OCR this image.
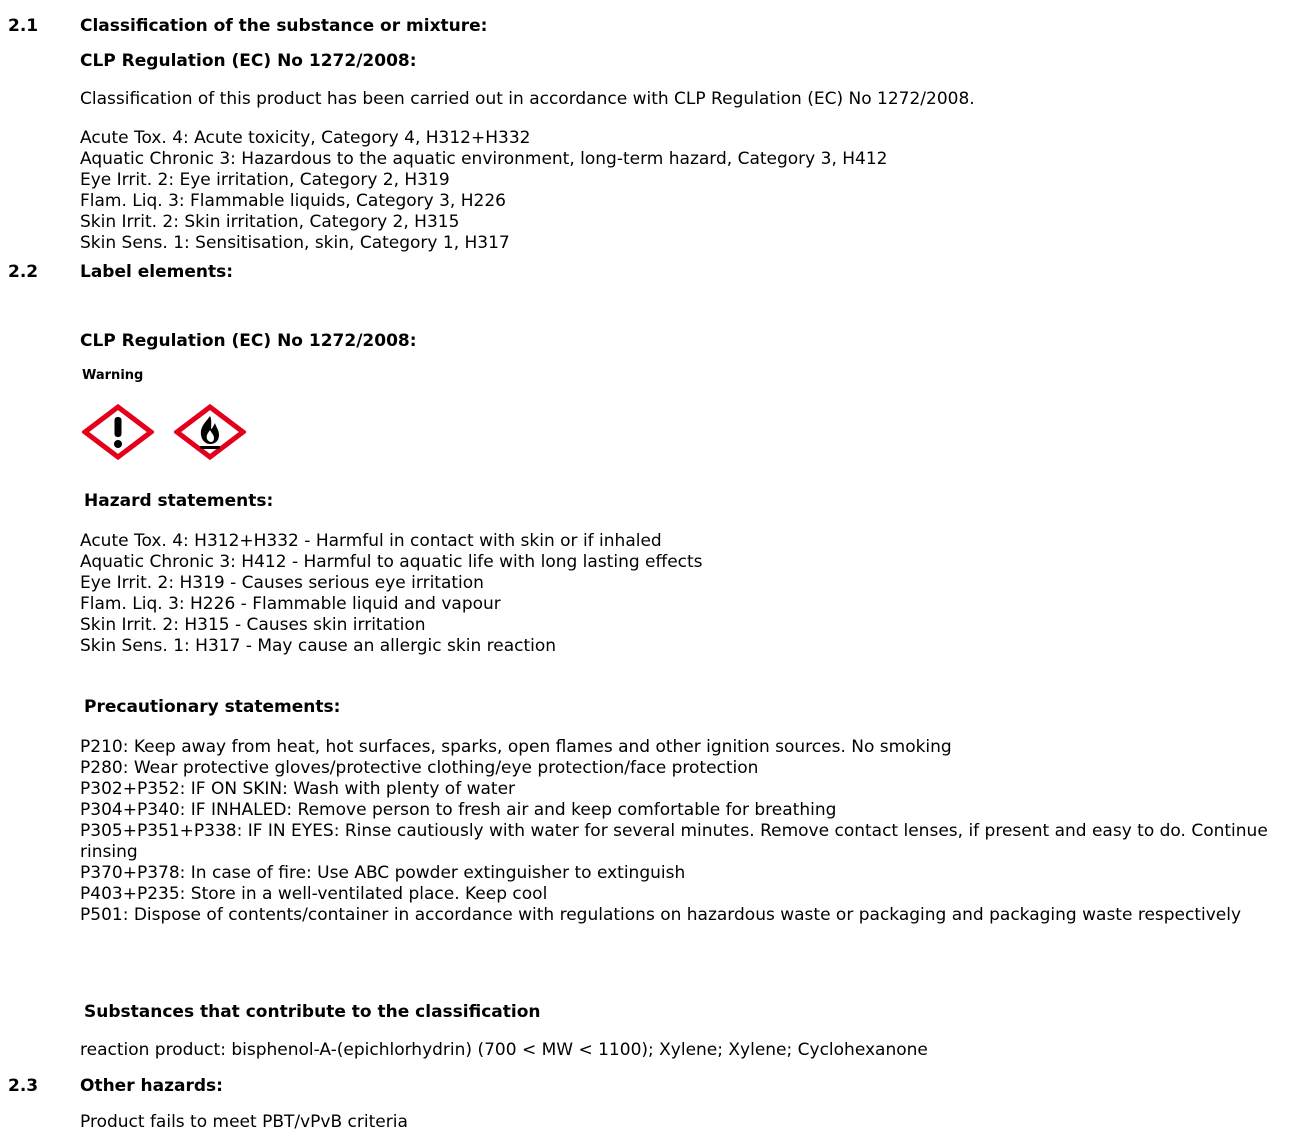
2.1 Classification of the substance or mixture:
CLP Regulation (EC) No 1272/2008:
Classification of this product has been carried out in accordance with CLP Regulation (EC) No 1272/2008.
Acute Tox. 4: Acute toxicity, Category 4, H312+H332
Aquatic Chronic 3: Hazardous to the aquatic environment, long-term hazard, Category 3, H412
Eye Irrit. 2: Eye irritation, Category 2, H319
Flam. Liq. 3: Flammable liquids, Category 3, H226
Skin Irrit. 2: Skin irritation, Category 2, H315
Skin Sens. 1: Sensitisation, skin, Category 1, H317
2.2 Label elements:
CLP Regulation (EC) No 1272/2008:
Warning
Hazard statements:
Acute Tox. 4: H312+H332 - Harmful in contact with skin or if inhaled
Aquatic Chronic 3: H412 - Harmful to aquatic life with long lasting effects
Eye Irrit. 2: H319 - Causes serious eye irritation
Flam. Liq. 3: H226 - Flammable liquid and vapour
Skin Irrit. 2: H315 - Causes skin irritation
Skin Sens. 1: H317 - May cause an allergic skin reaction
Precautionary statements:
P210: Keep away from heat, hot surfaces, sparks, open flames and other ignition sources. No smoking
P280: Wear protective gloves/protective clothing/eye protection/face protection
P302+P352: IF ON SKIN: Wash with plenty of water
P304+P340: IF INHALED: Remove person to fresh air and keep comfortable for breathing
P305+P351+P338: IF IN EYES: Rinse cautiously with water for several minutes. Remove contact lenses, if present and easy to do. Continue rinsing
P370+P378: In case of fire: Use ABC powder extinguisher to extinguish
P403+P235: Store in a well-ventilated place. Keep cool
P501: Dispose of contents/container in accordance with regulations on hazardous waste or packaging and packaging waste respectively
Substances that contribute to the classification
reaction product: bisphenol-A-(epichlorhydrin) (700 < MW < 1100); Xylene; Xylene; Cyclohexanone
2.3 Other hazards:
Product fails to meet PBT/vPvB criteria
